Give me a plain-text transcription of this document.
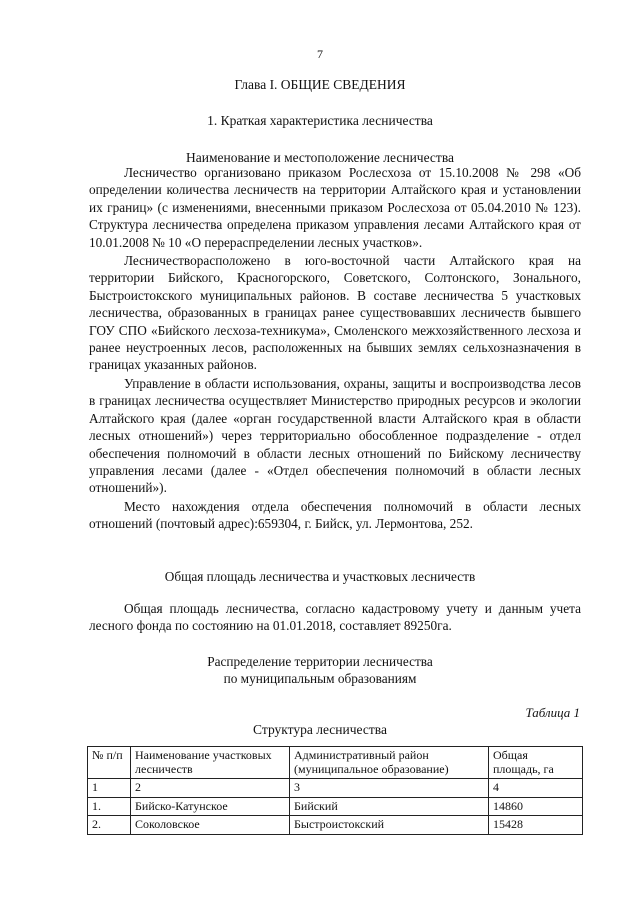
7
Глава I. ОБЩИЕ СВЕДЕНИЯ
1. Краткая характеристика лесничества
Наименование и местоположение лесничества

Лесничество организовано приказом Рослесхоза от 15.10.2008 № 298 «Об определении количества лесничеств на территории Алтайского края и установлении их границ» (с изменениями, внесенными приказом Рослесхоза от 05.04.2010 № 123). Структура лесничества определена приказом управления лесами Алтайского края от 10.01.2008 № 10 «О перераспределении лесных участков».

Лесничестворасположено в юго-восточной части Алтайского края на территории Бийского, Красногорского, Советского, Солтонского, Зонального, Быстроистокского муниципальных районов. В составе лесничества 5 участковых лесничества, образованных в границах ранее существовавших лесничеств бывшего ГОУ СПО «Бийского лесхоза-техникума», Смоленского межхозяйственного лесхоза и ранее неустроенных лесов, расположенных на бывших землях сельхозназначения в границах указанных районов.

Управление в области использования, охраны, защиты и воспроизводства лесов в границах лесничества осуществляет Министерство природных ресурсов и экологии Алтайского края (далее «орган государственной власти Алтайского края в области лесных отношений») через территориально обособленное подразделение - отдел обеспечения полномочий в области лесных отношений по Бийскому лесничеству управления лесами (далее - «Отдел обеспечения полномочий в области лесных отношений»).

Место нахождения отдела обеспечения полномочий в области лесных отношений (почтовый адрес):659304, г. Бийск, ул. Лермонтова, 252.

Общая площадь лесничества и участковых лесничеств

Общая площадь лесничества, согласно кадастровому учету и данным учета лесного фонда по состоянию на 01.01.2018, составляет 89250га.

Распределение территории лесничества
по муниципальным образованиям
Таблица 1
Структура лесничества
№ п/п	Наименование участковых лесничеств	Административный район (муниципальное образование)	Общая площадь, га
1	2	3	4
1.	Бийско-Катунское	Бийский	14860
2.	Соколовское	Быстроистокский	15428
